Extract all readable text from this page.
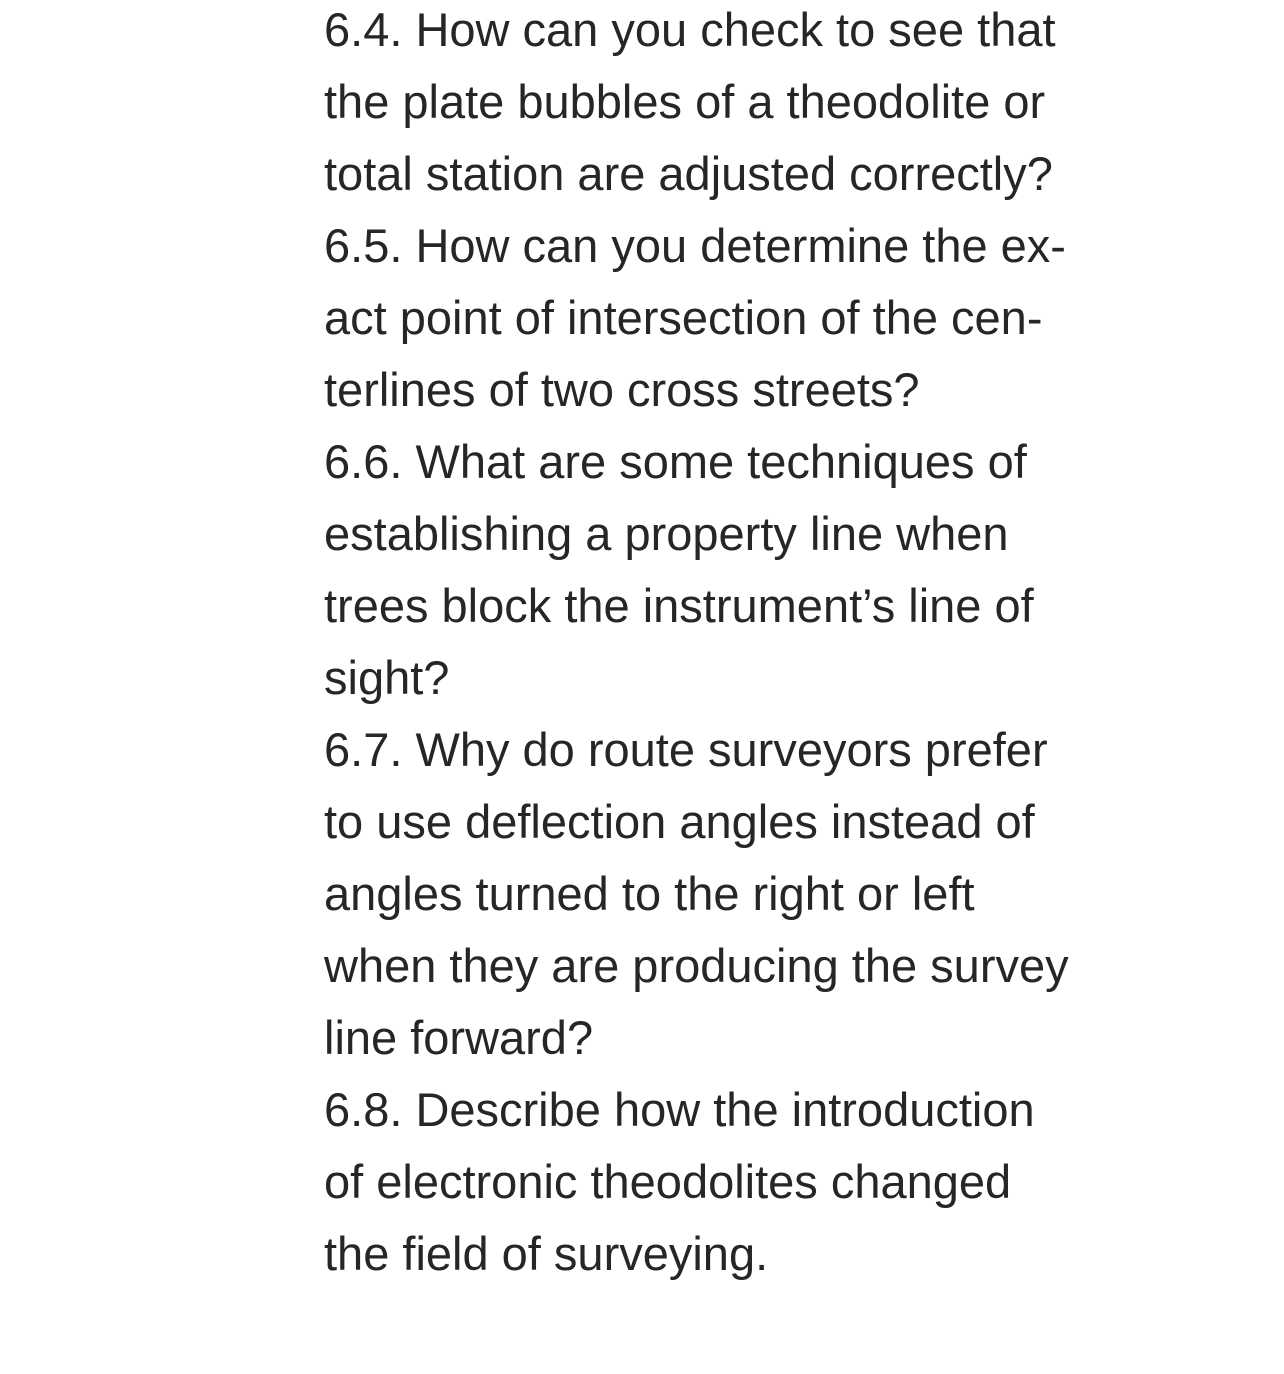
6.4. How can you check to see that
the plate bubbles of a theodolite or
total station are adjusted correctly?
6.5. How can you determine the ex-
act point of intersection of the cen-
terlines of two cross streets?
6.6. What are some techniques of
establishing a property line when
trees block the instrument’s line of
sight?
6.7. Why do route surveyors prefer
to use deflection angles instead of
angles turned to the right or left
when they are producing the survey
line forward?
6.8. Describe how the introduction
of electronic theodolites changed
the field of surveying.
